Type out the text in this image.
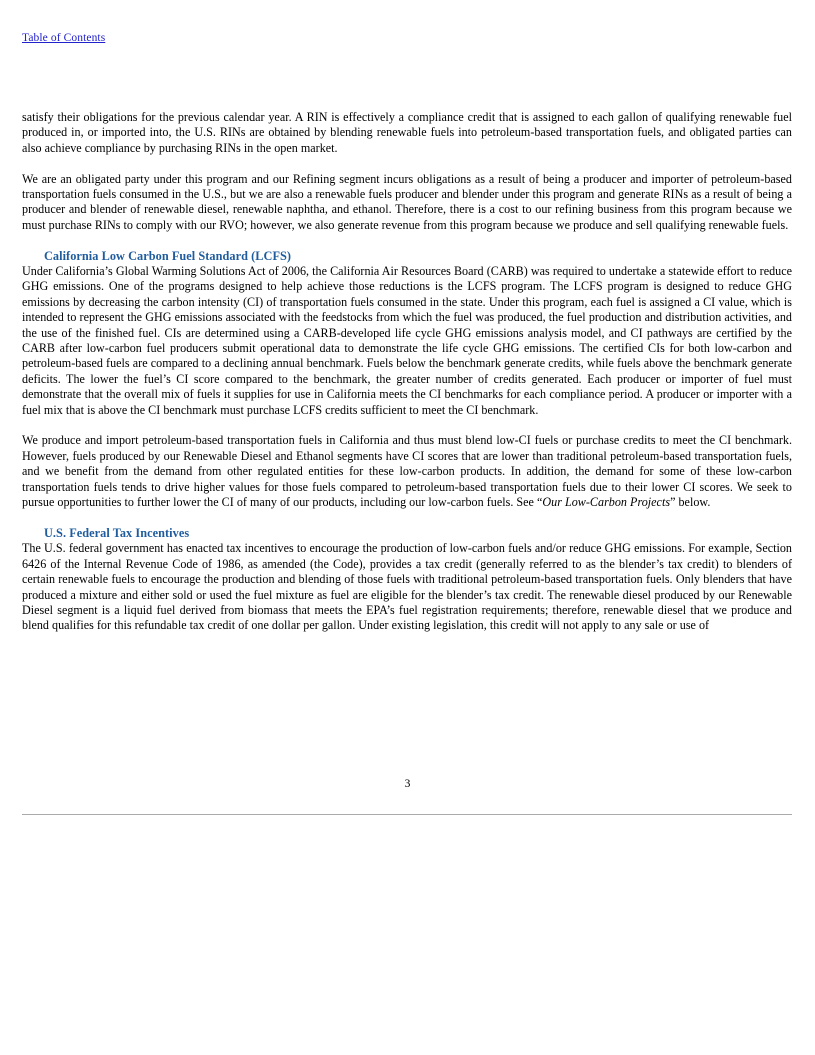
Table of Contents

satisfy their obligations for the previous calendar year. A RIN is effectively a compliance credit that is assigned to each gallon of qualifying renewable fuel produced in, or imported into, the U.S. RINs are obtained by blending renewable fuels into petroleum-based transportation fuels, and obligated parties can also achieve compliance by purchasing RINs in the open market.

We are an obligated party under this program and our Refining segment incurs obligations as a result of being a producer and importer of petroleum-based transportation fuels consumed in the U.S., but we are also a renewable fuels producer and blender under this program and generate RINs as a result of being a producer and blender of renewable diesel, renewable naphtha, and ethanol. Therefore, there is a cost to our refining business from this program because we must purchase RINs to comply with our RVO; however, we also generate revenue from this program because we produce and sell qualifying renewable fuels.

California Low Carbon Fuel Standard (LCFS)

Under California’s Global Warming Solutions Act of 2006, the California Air Resources Board (CARB) was required to undertake a statewide effort to reduce GHG emissions. One of the programs designed to help achieve those reductions is the LCFS program. The LCFS program is designed to reduce GHG emissions by decreasing the carbon intensity (CI) of transportation fuels consumed in the state. Under this program, each fuel is assigned a CI value, which is intended to represent the GHG emissions associated with the feedstocks from which the fuel was produced, the fuel production and distribution activities, and the use of the finished fuel. CIs are determined using a CARB-developed life cycle GHG emissions analysis model, and CI pathways are certified by the CARB after low-carbon fuel producers submit operational data to demonstrate the life cycle GHG emissions. The certified CIs for both low-carbon and petroleum-based fuels are compared to a declining annual benchmark. Fuels below the benchmark generate credits, while fuels above the benchmark generate deficits. The lower the fuel’s CI score compared to the benchmark, the greater number of credits generated. Each producer or importer of fuel must demonstrate that the overall mix of fuels it supplies for use in California meets the CI benchmarks for each compliance period. A producer or importer with a fuel mix that is above the CI benchmark must purchase LCFS credits sufficient to meet the CI benchmark.

We produce and import petroleum-based transportation fuels in California and thus must blend low-CI fuels or purchase credits to meet the CI benchmark. However, fuels produced by our Renewable Diesel and Ethanol segments have CI scores that are lower than traditional petroleum-based transportation fuels, and we benefit from the demand from other regulated entities for these low-carbon products. In addition, the demand for some of these low-carbon transportation fuels tends to drive higher values for those fuels compared to petroleum-based transportation fuels due to their lower CI scores. We seek to pursue opportunities to further lower the CI of many of our products, including our low-carbon fuels. See “Our Low-Carbon Projects” below.

U.S. Federal Tax Incentives

The U.S. federal government has enacted tax incentives to encourage the production of low-carbon fuels and/or reduce GHG emissions. For example, Section 6426 of the Internal Revenue Code of 1986, as amended (the Code), provides a tax credit (generally referred to as the blender’s tax credit) to blenders of certain renewable fuels to encourage the production and blending of those fuels with traditional petroleum-based transportation fuels. Only blenders that have produced a mixture and either sold or used the fuel mixture as fuel are eligible for the blender’s tax credit. The renewable diesel produced by our Renewable Diesel segment is a liquid fuel derived from biomass that meets the EPA’s fuel registration requirements; therefore, renewable diesel that we produce and blend qualifies for this refundable tax credit of one dollar per gallon. Under existing legislation, this credit will not apply to any sale or use of

3
